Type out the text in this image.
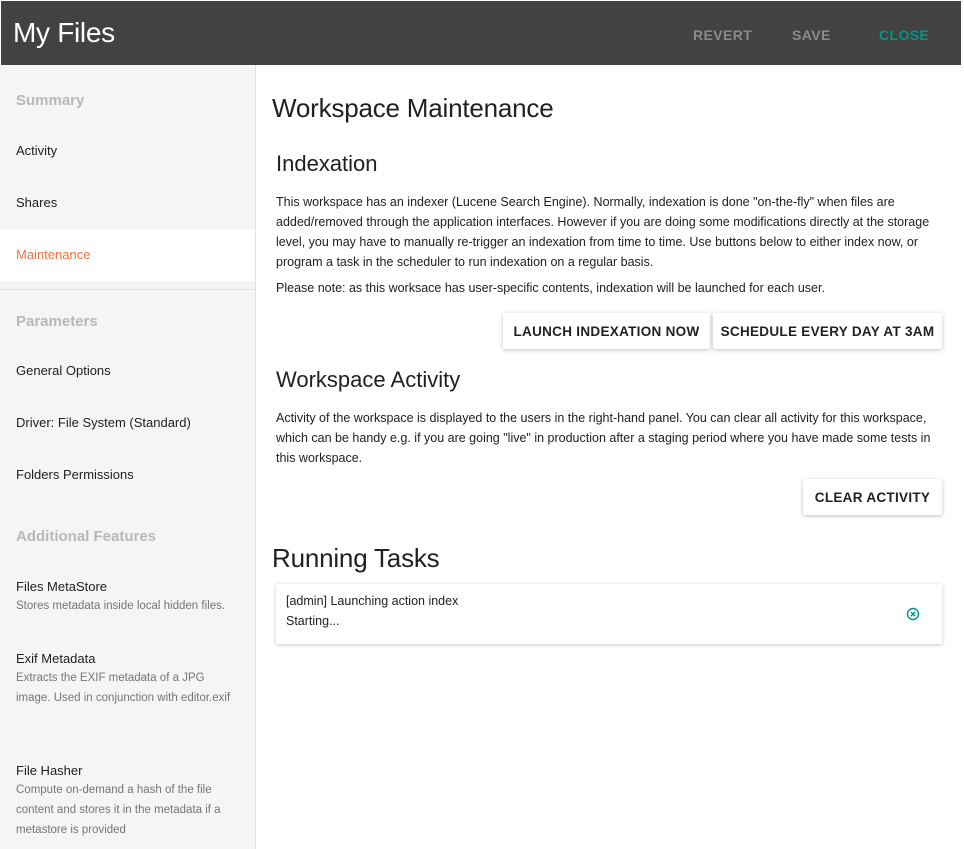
My Files	REVERT	SAVE	CLOSE
Summary
Activity
Shares
Maintenance
Parameters
General Options
Driver: File System (Standard)
Folders Permissions
Additional Features
Files MetaStore
Stores metadata inside local hidden files.
Exif Metadata
Extracts the EXIF metadata of a JPG image. Used in conjunction with editor.exif
File Hasher
Compute on-demand a hash of the file content and stores it in the metadata if a metastore is provided
Workspace Maintenance
Indexation
This workspace has an indexer (Lucene Search Engine). Normally, indexation is done "on-the-fly" when files are added/removed through the application interfaces. However if you are doing some modifications directly at the storage level, you may have to manually re-trigger an indexation from time to time. Use buttons below to either index now, or program a task in the scheduler to run indexation on a regular basis.
Please note: as this worksace has user-specific contents, indexation will be launched for each user.
LAUNCH INDEXATION NOW	SCHEDULE EVERY DAY AT 3AM
Workspace Activity
Activity of the workspace is displayed to the users in the right-hand panel. You can clear all activity for this workspace, which can be handy e.g. if you are going "live" in production after a staging period where you have made some tests in this workspace.
CLEAR ACTIVITY
Running Tasks
[admin] Launching action index
Starting...
